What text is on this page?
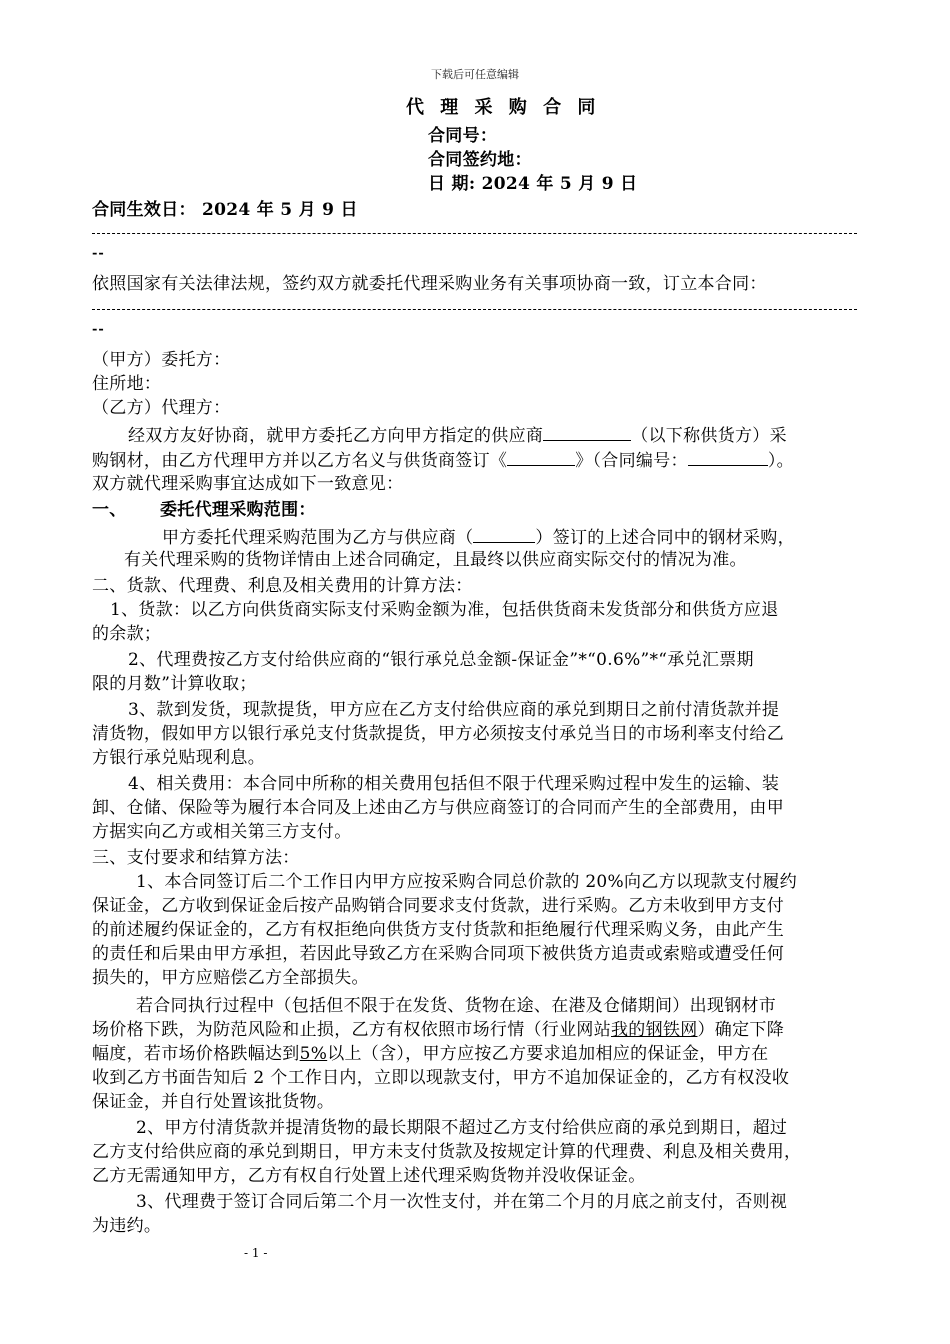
下载后可任意编辑
代 理 采 购 合 同
合同号：
合同签约地：
日 期: 2024 年 5 月 9 日
合同生效日： 2024 年 5 月 9 日
--
依照国家有关法律法规，签约双方就委托代理采购业务有关事项协商一致，订立本合同：
--
（甲方）委托方：
住所地：
（乙方）代理方：
经双方友好协商，就甲方委托乙方向甲方指定的供应商	（以下称供货方）采
购钢材，由乙方代理甲方并以乙方名义与供货商签订《	》（合同编号：	）。
双方就代理采购事宜达成如下一致意见：
一、 委托代理采购范围：
甲方委托代理采购范围为乙方与供应商（	）签订的上述合同中的钢材采购，
有关代理采购的货物详情由上述合同确定，且最终以供应商实际交付的情况为准。
二、货款、代理费、利息及相关费用的计算方法：
1、货款：以乙方向供货商实际支付采购金额为准，包括供货商未发货部分和供货方应退
的余款；
2、代理费按乙方支付给供应商的“银行承兑总金额-保证金”*“0.6%”*“承兑汇票期
限的月数”计算收取；
3、款到发货，现款提货，甲方应在乙方支付给供应商的承兑到期日之前付清货款并提
清货物，假如甲方以银行承兑支付货款提货，甲方必须按支付承兑当日的市场利率支付给乙
方银行承兑贴现利息。
4、相关费用：本合同中所称的相关费用包括但不限于代理采购过程中发生的运输、装
卸、仓储、保险等为履行本合同及上述由乙方与供应商签订的合同而产生的全部费用，由甲
方据实向乙方或相关第三方支付。
三、支付要求和结算方法：
1、本合同签订后二个工作日内甲方应按采购合同总价款的 20%向乙方以现款支付履约
保证金，乙方收到保证金后按产品购销合同要求支付货款，进行采购。乙方未收到甲方支付
的前述履约保证金的，乙方有权拒绝向供货方支付货款和拒绝履行代理采购义务，由此产生
的责任和后果由甲方承担，若因此导致乙方在采购合同项下被供货方追责或索赔或遭受任何
损失的，甲方应赔偿乙方全部损失。
若合同执行过程中（包括但不限于在发货、货物在途、在港及仓储期间）出现钢材市
场价格下跌，为防范风险和止损，乙方有权依照市场行情（行业网站我的钢铁网）确定下降
幅度，若市场价格跌幅达到5%以上（含），甲方应按乙方要求追加相应的保证金，甲方在
收到乙方书面告知后 2 个工作日内，立即以现款支付，甲方不追加保证金的，乙方有权没收
保证金，并自行处置该批货物。
2、甲方付清货款并提清货物的最长期限不超过乙方支付给供应商的承兑到期日，超过
乙方支付给供应商的承兑到期日，甲方未支付货款及按规定计算的代理费、利息及相关费用，
乙方无需通知甲方，乙方有权自行处置上述代理采购货物并没收保证金。
3、代理费于签订合同后第二个月一次性支付，并在第二个月的月底之前支付，否则视
为违约。
- 1 -
